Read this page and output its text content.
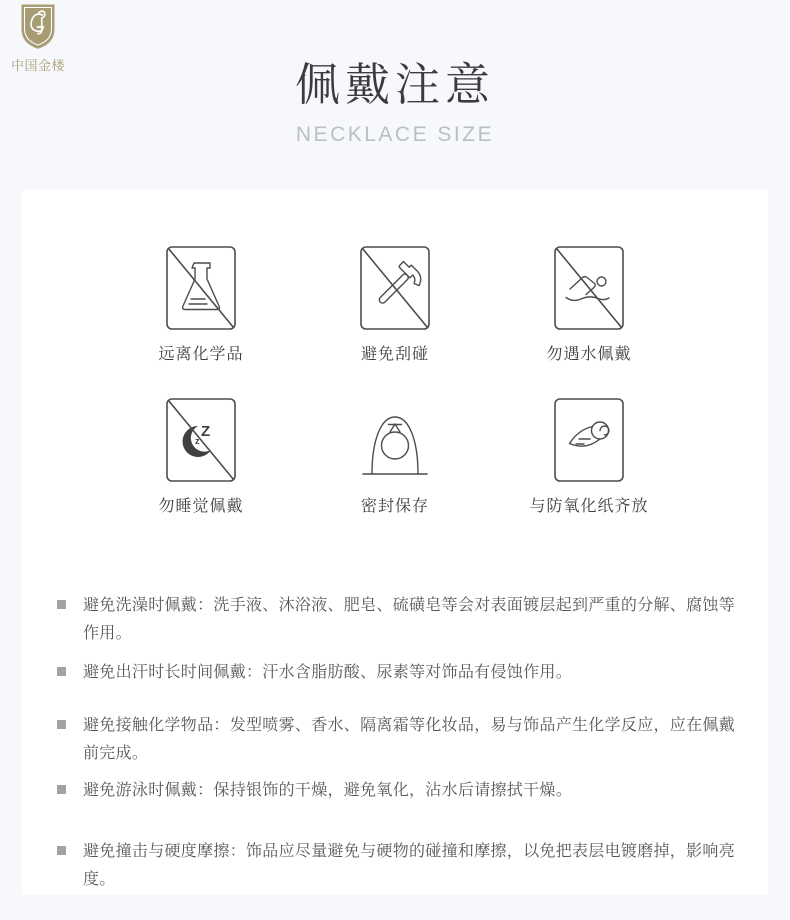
中国金楼	佩戴注意
NECKLACE SIZE
远离化学品	避免刮碰	勿遇水佩戴
Z
z
勿睡觉佩戴	密封保存	与防氧化纸齐放

避免洗澡时佩戴：洗手液、沐浴液、肥皂、硫磺皂等会对表面镀层起到严重的分解、腐蚀等作用。

避免出汗时长时间佩戴：汗水含脂肪酸、尿素等对饰品有侵蚀作用。

避免接触化学物品：发型喷雾、香水、隔离霜等化妆品，易与饰品产生化学反应，应在佩戴前完成。

避免游泳时佩戴：保持银饰的干燥，避免氧化，沾水后请擦拭干燥。

避免撞击与硬度摩擦：饰品应尽量避免与硬物的碰撞和摩擦，以免把表层电镀磨掉，影响亮度。
